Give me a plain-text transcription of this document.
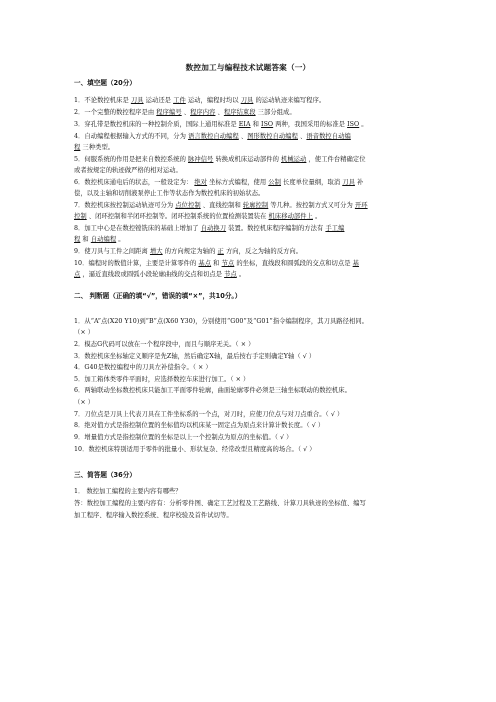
数控加工与编程技术试题答案（一）
一、填空题（20分）
1．不论数控机床是 刀具 运动还是 工件 运动，编程时均以 刀具 的运动轨迹来编写程序。
2．一个完整的数控程序是由 程序编号 、程序内容 、程序结束段 三部分组成。
3．穿孔带是数控机床的一种控制介质，国际上通用标准是 EIA 和 ISO 两种，我国采用的标准是 ISO 。
4．自动编程根据输入方式的不同，分为 语言数控自动编程 、图形数控自动编程 、语音数控自动编
程 三种类型。
5．伺服系统的作用是把来自数控系统的 脉冲信号 转换成机床运动部件的 机械运动 ，使工件台精确定位
或者按规定的轨迹做严格的相对运动。
6．数控机床通电后的状态，一般设定为： 绝对 坐标方式编程，使用 公制 长度单位量纲，取消 刀具 补
偿，以及主轴和切削液泵停止工作等状态作为数控机床的初始状态。
7．数控机床按控制运动轨迹可分为 点位控制 、直线控制和 轮廓控制 等几种。按控制方式又可分为 开环
控制 、闭环控制和半闭环控制等。闭环控制系统的位置检测装置装在 机床移动部件上 。
8．加工中心是在数控镗铣床的基础上增加了 自动换刀 装置。数控机床程序编制的方法有 手工编
程 和 自动编程 。
9．使刀具与工件之间距离 增大 的方向规定为轴的 正 方向，反之为轴的反方向。
10．编程时的数值计算，主要是计算零件的 基点 和 节点 的坐标，直线段和圆弧段的交点和切点是 基
点 ，逼近直线段或圆弧小段轮廓曲线的交点和切点是 节点 。
二、 判断题（正确的填“√”，错误的填“×”，共10分。）
1．从“A”点(X20 Y10)到“B”点(X60 Y30)，分别使用“G00”及“G01”指令编制程序，其刀具路径相同。
（× ）
2．模态G代码可以放在一个程序段中，而且与顺序无关。（ × ）
3．数控机床坐标轴定义顺序是先Z轴，然后确定X轴，最后按右手定则确定Y轴（ √ ）
4．G40是数控编程中的刀具左补偿指令。（ × ）
5．加工箱体类零件平面时，应选择数控车床进行加工。（ × ）
6．两轴联动坐标数控机床只能加工平面零件轮廓，曲面轮廓零件必须是三轴坐标联动的数控机床。
（× ）
7．刀位点是刀具上代表刀具在工件坐标系的一个点，对刀时，应使刀位点与对刀点重合。（ √ ）
8．绝对值方式是指控制位置的坐标值均以机床某一固定点为原点来计算计数长度。（ √ ）
9．增量值方式是指控制位置的坐标是以上一个控制点为原点的坐标值。（ √ ）
10．数控机床特别适用于零件的批量小、形状复杂、经常改型且精度高的场合。（ √ ）
三、简答题（36分）
1． 数控加工编程的主要内容有哪些？
答：数控加工编程的主要内容有：分析零件图、确定工艺过程及工艺路线、计算刀具轨迹的坐标值、编写
加工程序、程序输入数控系统、程序校验及首件试切等。
